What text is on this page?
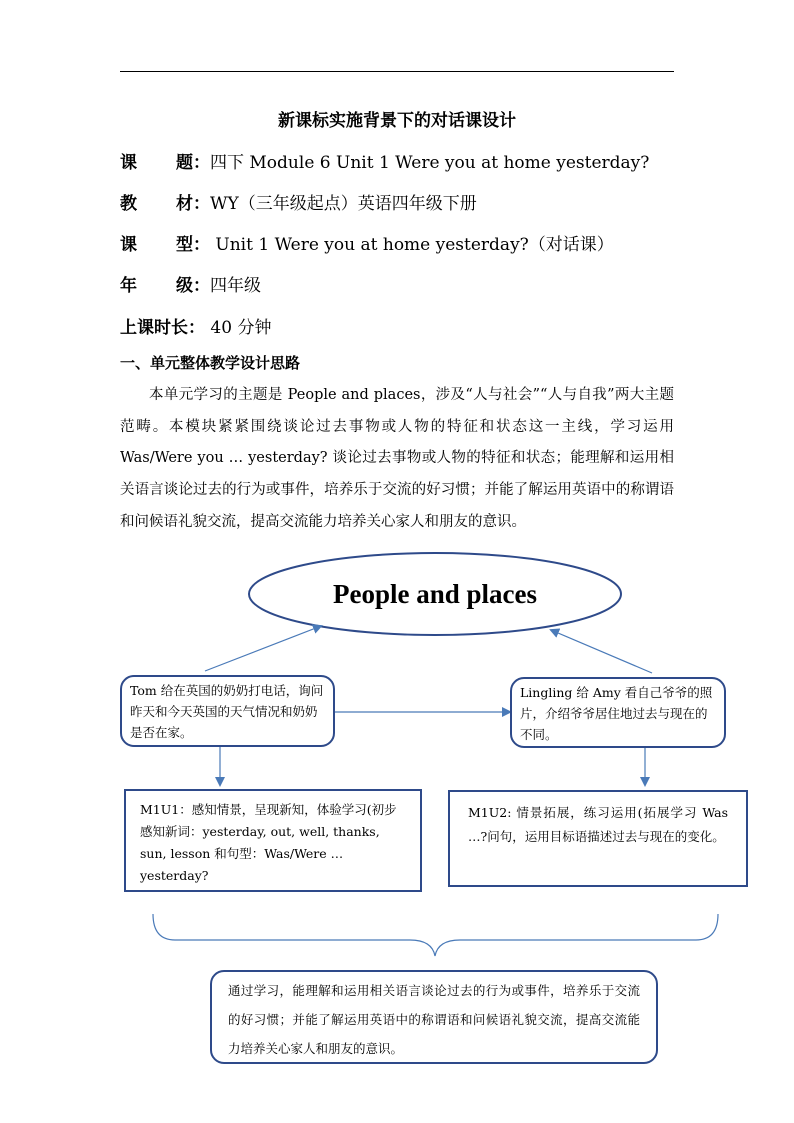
新课标实施背景下的对话课设计
课 题： 四下 Module 6 Unit 1 Were you at home yesterday?
教 材： WY（三年级起点）英语四年级下册
课 型： Unit 1 Were you at home yesterday?（对话课）
年 级： 四年级
上课时长： 40 分钟
一、单元整体教学设计思路
本单元学习的主题是 People and places，涉及“人与社会”“人与自我”两大主题范畴。本模块紧紧围绕谈论过去事物或人物的特征和状态这一主线，学习运用 Was/Were you … yesterday? 谈论过去事物或人物的特征和状态；能理解和运用相关语言谈论过去的行为或事件，培养乐于交流的好习惯；并能了解运用英语中的称谓语和问候语礼貌交流，提高交流能力培养关心家人和朋友的意识。
People and places
Tom 给在英国的奶奶打电话，询问昨天和今天英国的天气情况和奶奶是否在家。
Lingling 给 Amy 看自己爷爷的照片，介绍爷爷居住地过去与现在的不同。
M1U1：感知情景，呈现新知，体验学习(初步感知新词：yesterday, out, well, thanks, sun, lesson 和句型：Was/Were … yesterday?
M1U2: 情景拓展，练习运用(拓展学习 Was …?问句，运用目标语描述过去与现在的变化。
通过学习，能理解和运用相关语言谈论过去的行为或事件，培养乐于交流的好习惯；并能了解运用英语中的称谓语和问候语礼貌交流，提高交流能力培养关心家人和朋友的意识。
